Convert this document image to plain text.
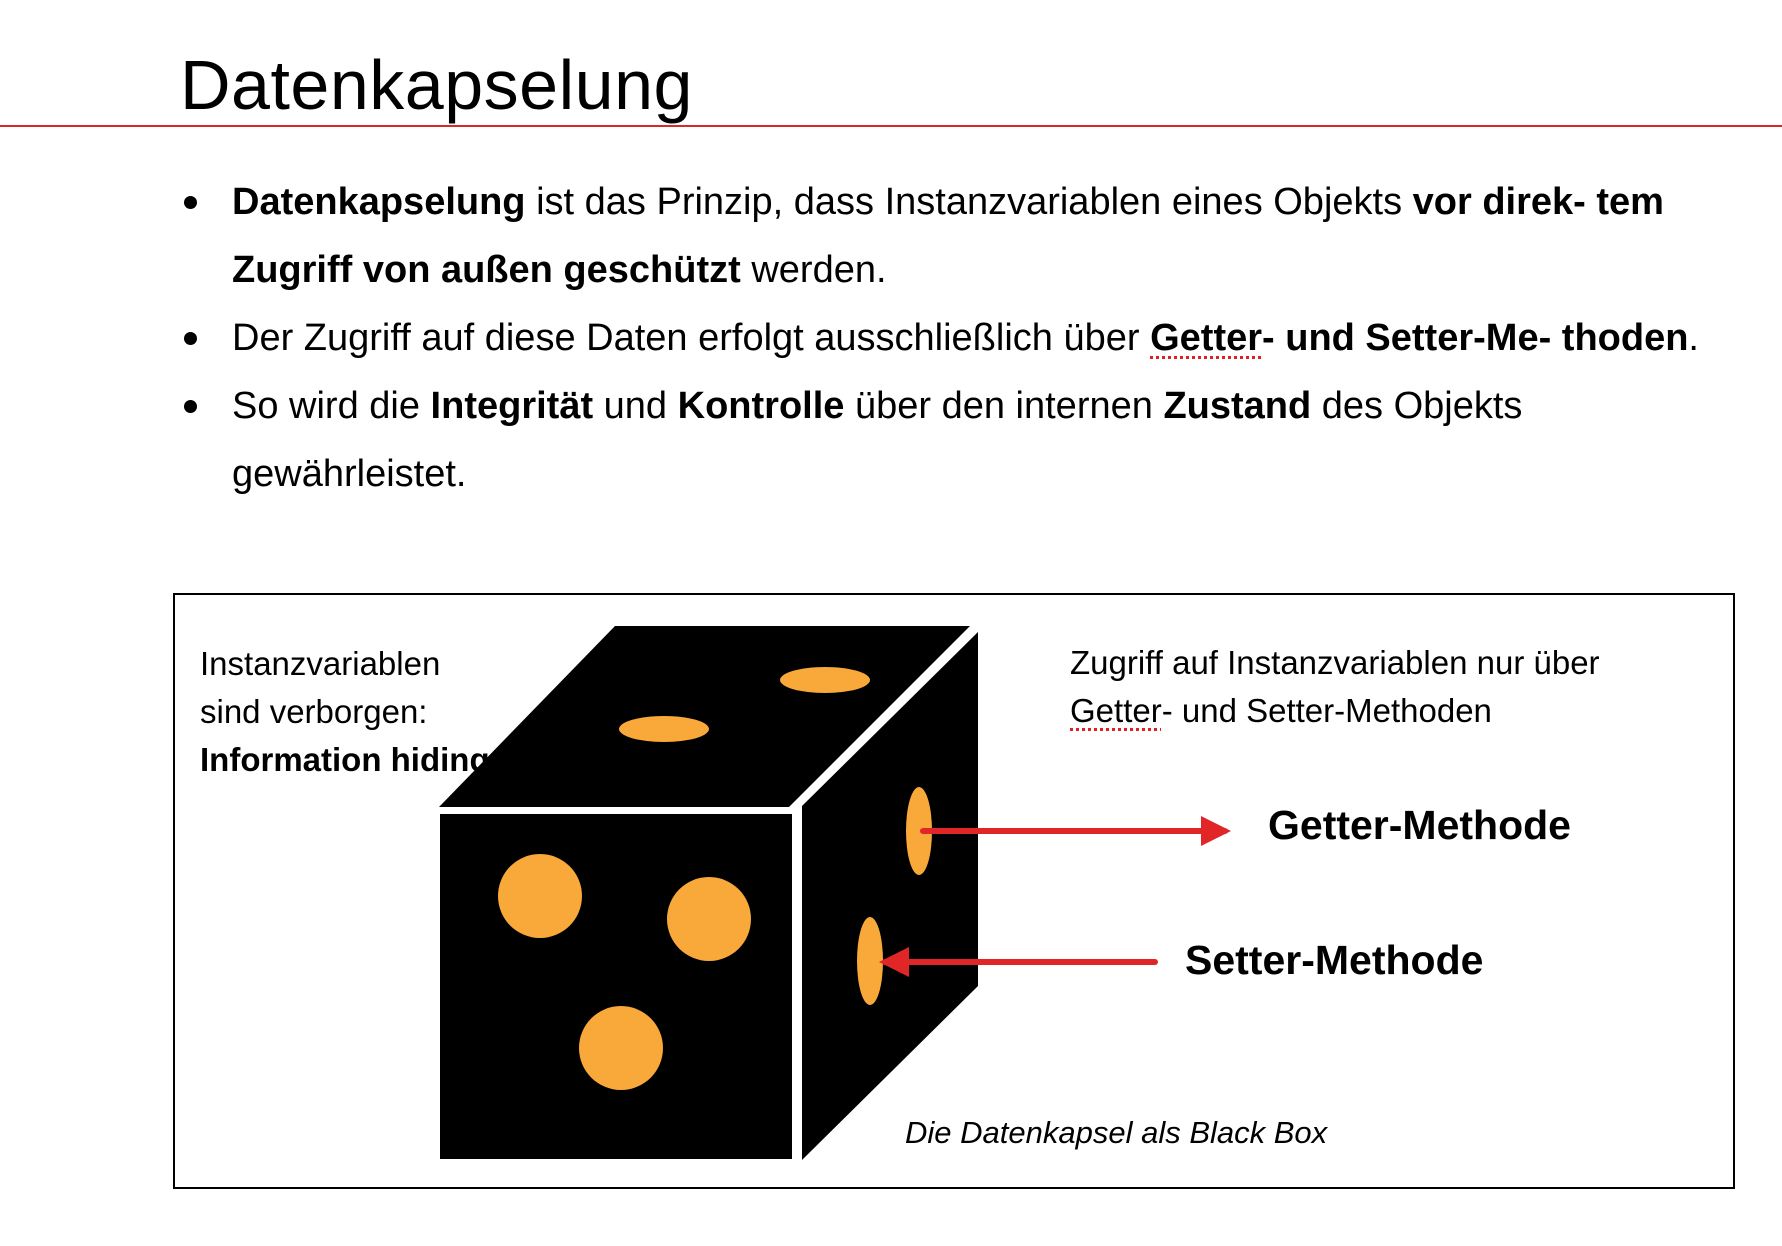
Datenkapselung
Datenkapselung ist das Prinzip, dass Instanzvariablen eines Objekts vor direk- tem Zugriff von außen geschützt werden.
Der Zugriff auf diese Daten erfolgt ausschließlich über Getter- und Setter-Me- thoden.
So wird die Integrität und Kontrolle über den internen Zustand des Objekts gewährleistet.
Instanzvariablen
sind verborgen:
Information hiding
Zugriff auf Instanzvariablen nur über Getter- und Setter-Methoden
Getter-Methode
Setter-Methode
Die Datenkapsel als Black Box
